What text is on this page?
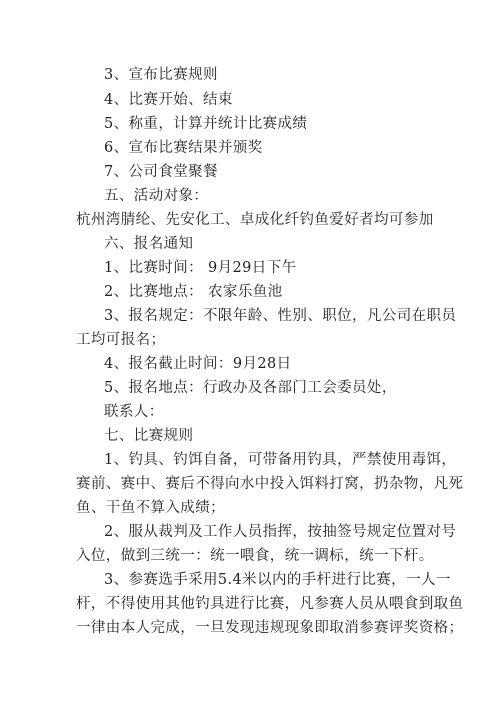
3、宣布比赛规则

4、比赛开始、结束

5、称重，计算并统计比赛成绩

6、宣布比赛结果并颁奖

7、公司食堂聚餐

五、活动对象：

杭州湾腈纶、先安化工、卓成化纤钓鱼爱好者均可参加

六、报名通知

1、比赛时间： 9月29日下午

2、比赛地点： 农家乐鱼池

3、报名规定：不限年龄、性别、职位，凡公司在职员

工均可报名；

4、报名截止时间：9月28日

5、报名地点：行政办及各部门工会委员处，

联系人：

七、比赛规则

1、钓具、钓饵自备，可带备用钓具，严禁使用毒饵，

赛前、赛中、赛后不得向水中投入饵料打窝，扔杂物，凡死

鱼、干鱼不算入成绩；

2、服从裁判及工作人员指挥，按抽签号规定位置对号

入位，做到三统一：统一喂食，统一调标，统一下杆。

3、参赛选手采用5.4米以内的手杆进行比赛，一人一

杆，不得使用其他钓具进行比赛，凡参赛人员从喂食到取鱼

一律由本人完成，一旦发现违规现象即取消参赛评奖资格；
